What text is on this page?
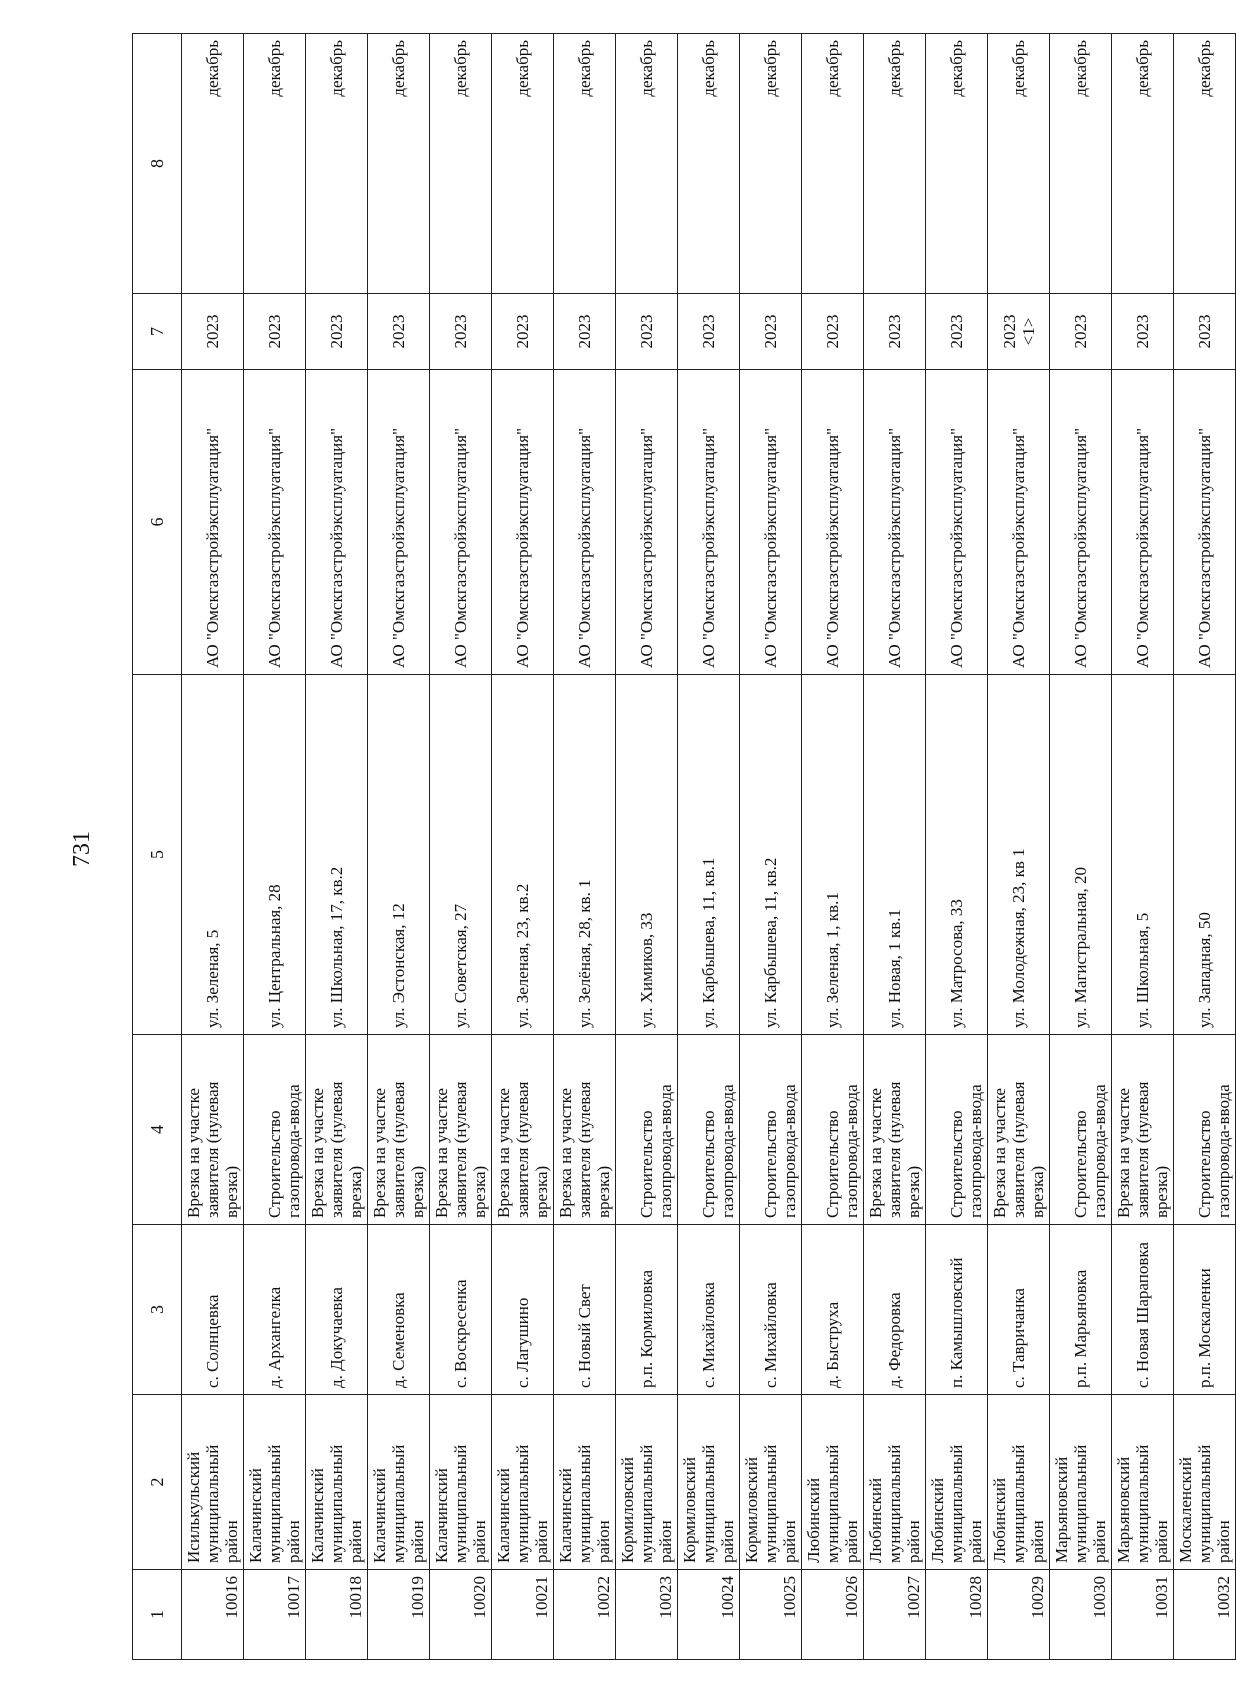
731
1	2	3	4	5	6	7	8
10016	Исилькульский муниципальный район	с. Солнцевка	Врезка на участке заявителя (нулевая врезка)	ул. Зеленая, 5	АО "Омскгазстройэксплуатация"	2023	декабрь
10017	Калачинский муниципальный район	д. Архангелка	Строительство газопровода-ввода	ул. Центральная, 28	АО "Омскгазстройэксплуатация"	2023	декабрь
10018	Калачинский муниципальный район	д. Докучаевка	Врезка на участке заявителя (нулевая врезка)	ул. Школьная, 17, кв.2	АО "Омскгазстройэксплуатация"	2023	декабрь
10019	Калачинский муниципальный район	д. Семеновка	Врезка на участке заявителя (нулевая врезка)	ул. Эстонская, 12	АО "Омскгазстройэксплуатация"	2023	декабрь
10020	Калачинский муниципальный район	с. Воскресенка	Врезка на участке заявителя (нулевая врезка)	ул. Советская, 27	АО "Омскгазстройэксплуатация"	2023	декабрь
10021	Калачинский муниципальный район	с. Лагушино	Врезка на участке заявителя (нулевая врезка)	ул. Зеленая, 23, кв.2	АО "Омскгазстройэксплуатация"	2023	декабрь
10022	Калачинский муниципальный район	с. Новый Свет	Врезка на участке заявителя (нулевая врезка)	ул. Зелёная, 28, кв. 1	АО "Омскгазстройэксплуатация"	2023	декабрь
10023	Кормиловский муниципальный район	р.п. Кормиловка	Строительство газопровода-ввода	ул. Химиков, 33	АО "Омскгазстройэксплуатация"	2023	декабрь
10024	Кормиловский муниципальный район	с. Михайловка	Строительство газопровода-ввода	ул. Карбышева, 11, кв.1	АО "Омскгазстройэксплуатация"	2023	декабрь
10025	Кормиловский муниципальный район	с. Михайловка	Строительство газопровода-ввода	ул. Карбышева, 11, кв.2	АО "Омскгазстройэксплуатация"	2023	декабрь
10026	Любинский муниципальный район	д. Быструха	Строительство газопровода-ввода	ул. Зеленая, 1, кв.1	АО "Омскгазстройэксплуатация"	2023	декабрь
10027	Любинский муниципальный район	д. Федоровка	Врезка на участке заявителя (нулевая врезка)	ул. Новая, 1 кв.1	АО "Омскгазстройэксплуатация"	2023	декабрь
10028	Любинский муниципальный район	п. Камышловский	Строительство газопровода-ввода	ул. Матросова, 33	АО "Омскгазстройэксплуатация"	2023	декабрь
10029	Любинский муниципальный район	с. Тавричанка	Врезка на участке заявителя (нулевая врезка)	ул. Молодежная, 23, кв 1	АО "Омскгазстройэксплуатация"	2023 <1>	декабрь
10030	Марьяновский муниципальный район	р.п. Марьяновка	Строительство газопровода-ввода	ул. Магистральная, 20	АО "Омскгазстройэксплуатация"	2023	декабрь
10031	Марьяновский муниципальный район	с. Новая Шараповка	Врезка на участке заявителя (нулевая врезка)	ул. Школьная, 5	АО "Омскгазстройэксплуатация"	2023	декабрь
10032	Москаленский муниципальный район	р.п. Москаленки	Строительство газопровода-ввода	ул. Западная, 50	АО "Омскгазстройэксплуатация"	2023	декабрь
